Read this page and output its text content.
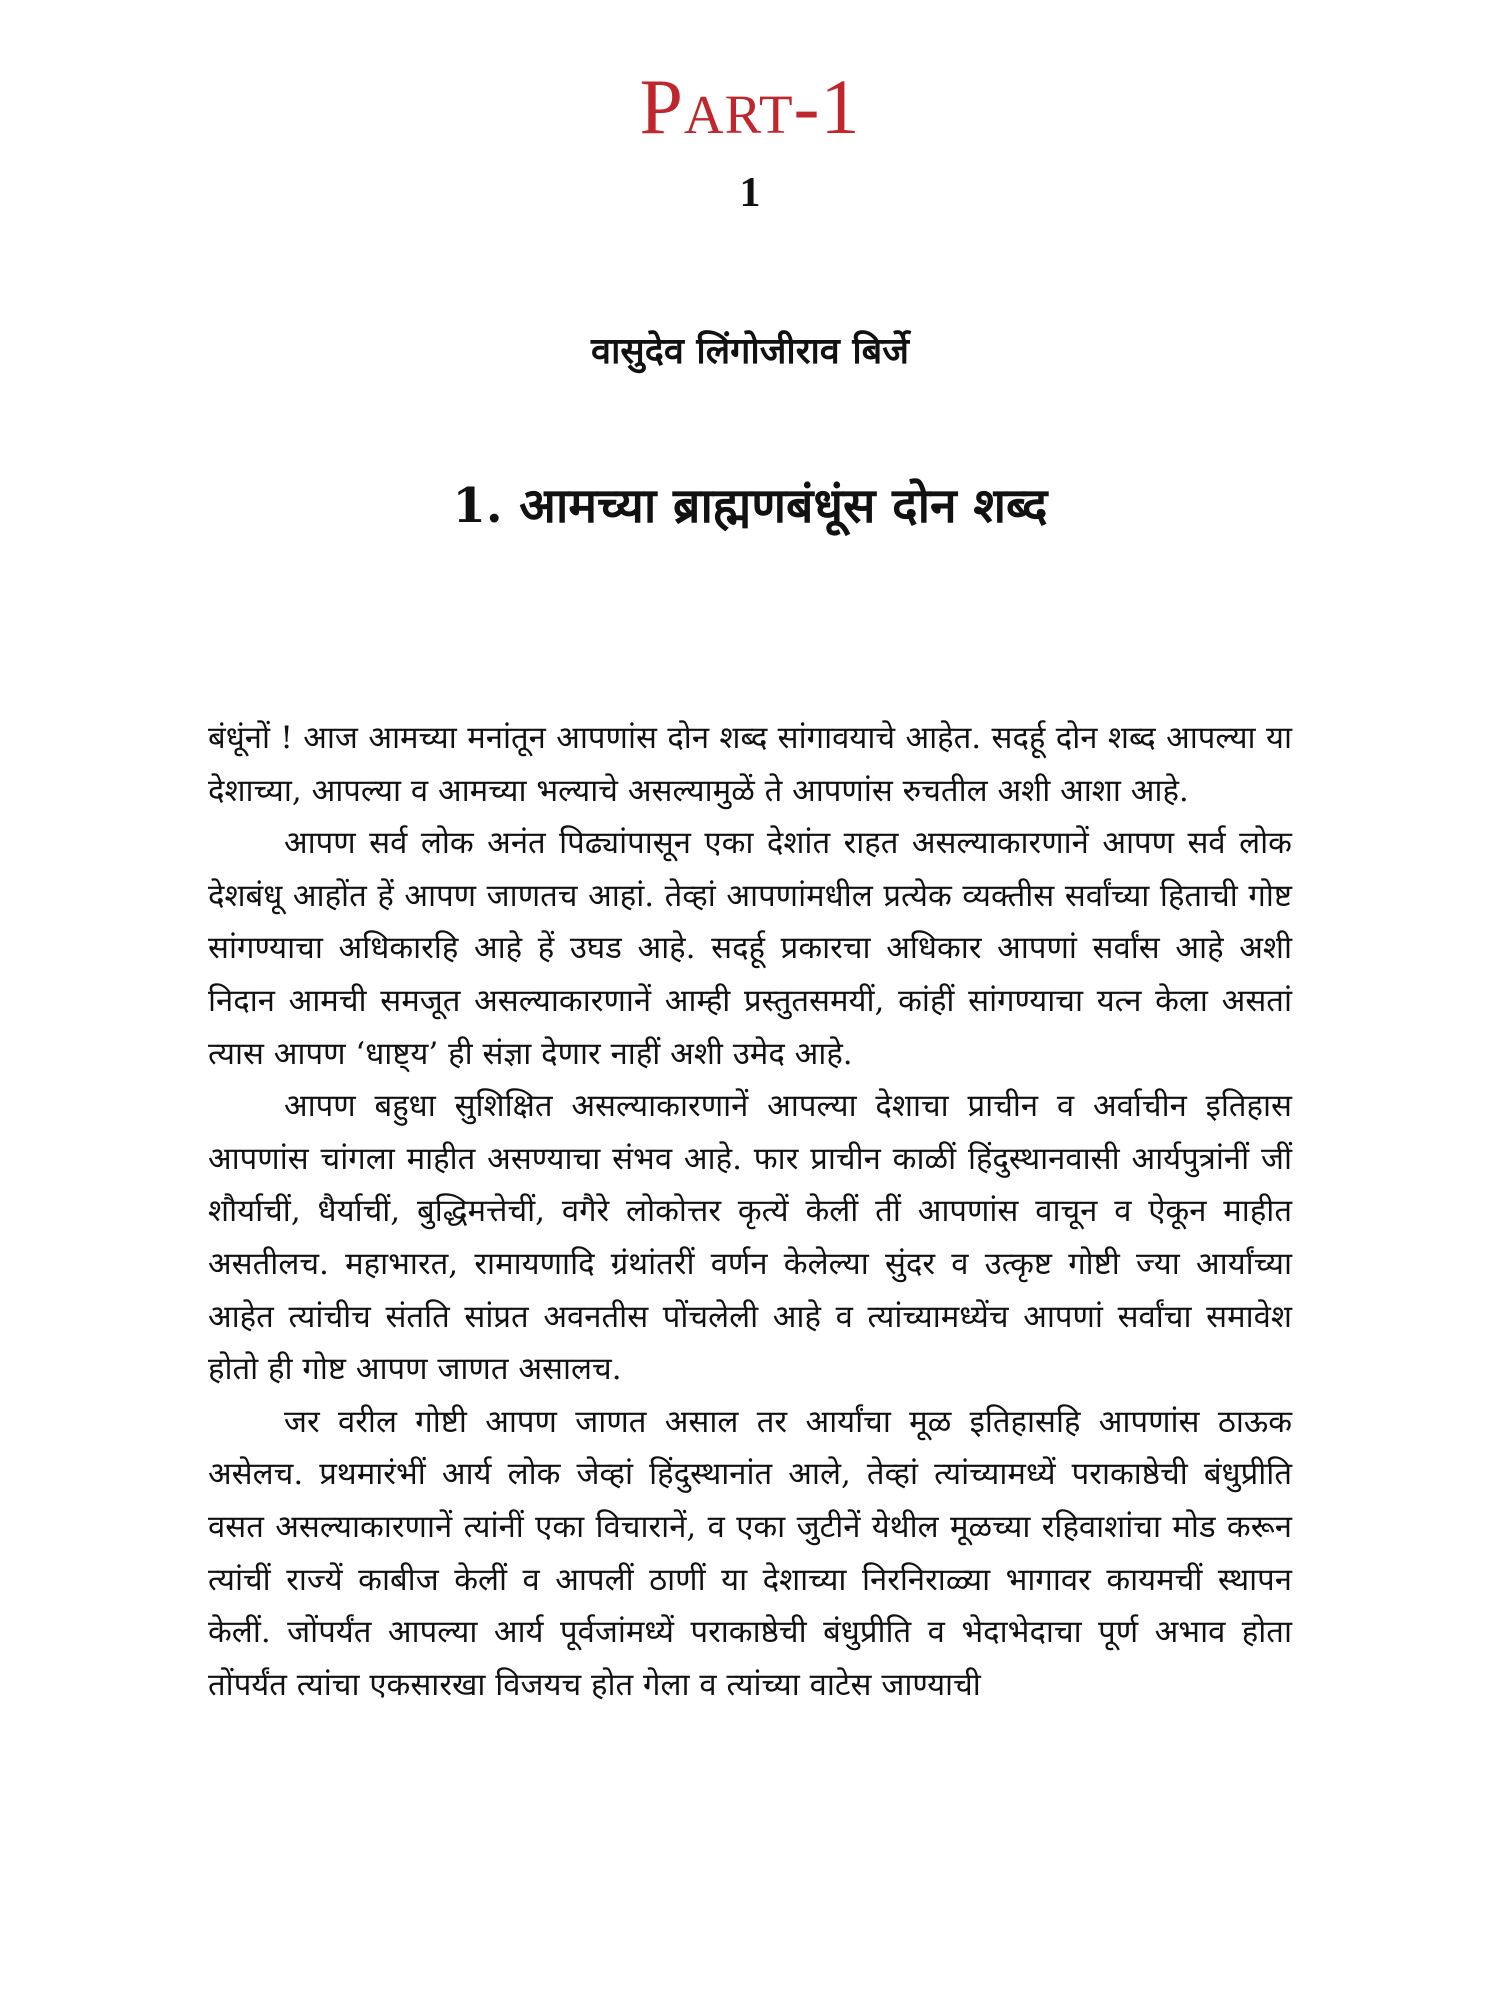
Part-1
1
वासुदेव लिंगोजीराव बिर्जे
1. आमच्या ब्राह्मणबंधूंस दोन शब्द

बंधूंनों ! आज आमच्या मनांतून आपणांस दोन शब्द सांगावयाचे आहेत. सदर्हू दोन शब्द आपल्या या देशाच्या, आपल्या व आमच्या भल्याचे असल्यामुळें ते आपणांस रुचतील अशी आशा आहे.

आपण सर्व लोक अनंत पिढ्यांपासून एका देशांत राहत असल्याकारणानें आपण सर्व लोक देशबंधू आहोंत हें आपण जाणतच आहां. तेव्हां आपणांमधील प्रत्येक व्यक्तीस सर्वांच्या हिताची गोष्ट सांगण्याचा अधिकारहि आहे हें उघड आहे. सदर्हू प्रकारचा अधिकार आपणां सर्वांस आहे अशी निदान आमची समजूत असल्याकारणानें आम्ही प्रस्तुतसमयीं, कांहीं सांगण्याचा यत्न केला असतां त्यास आपण ‘धाष्ट्य’ ही संज्ञा देणार नाहीं अशी उमेद आहे.

आपण बहुधा सुशिक्षित असल्याकारणानें आपल्या देशाचा प्राचीन व अर्वाचीन इतिहास आपणांस चांगला माहीत असण्याचा संभव आहे. फार प्राचीन काळीं हिंदुस्थानवासी आर्यपुत्रांनीं जीं शौर्याचीं, धैर्याचीं, बुद्धिमत्तेचीं, वगैरे लोकोत्तर कृत्यें केलीं तीं आपणांस वाचून व ऐकून माहीत असतीलच. महाभारत, रामायणादि ग्रंथांतरीं वर्णन केलेल्या सुंदर व उत्कृष्ट गोष्टी ज्या आर्यांच्या आहेत त्यांचीच संतति सांप्रत अवनतीस पोंचलेली आहे व त्यांच्यामध्येंच आपणां सर्वांचा समावेश होतो ही गोष्ट आपण जाणत असालच.

जर वरील गोष्टी आपण जाणत असाल तर आर्यांचा मूळ इतिहासहि आपणांस ठाऊक असेलच. प्रथमारंभीं आर्य लोक जेव्हां हिंदुस्थानांत आले, तेव्हां त्यांच्यामध्यें पराकाष्ठेची बंधुप्रीति वसत असल्याकारणानें त्यांनीं एका विचारानें, व एका जुटीनें येथील मूळच्या रहिवाशांचा मोड करून त्यांचीं राज्यें काबीज केलीं व आपलीं ठाणीं या देशाच्या निरनिराळ्या भागावर कायमचीं स्थापन केलीं. जोंपर्यंत आपल्या आर्य पूर्वजांमध्यें पराकाष्ठेची बंधुप्रीति व भेदाभेदाचा पूर्ण अभाव होता तोंपर्यंत त्यांचा एकसारखा विजयच होत गेला व त्यांच्या वाटेस जाण्याची
